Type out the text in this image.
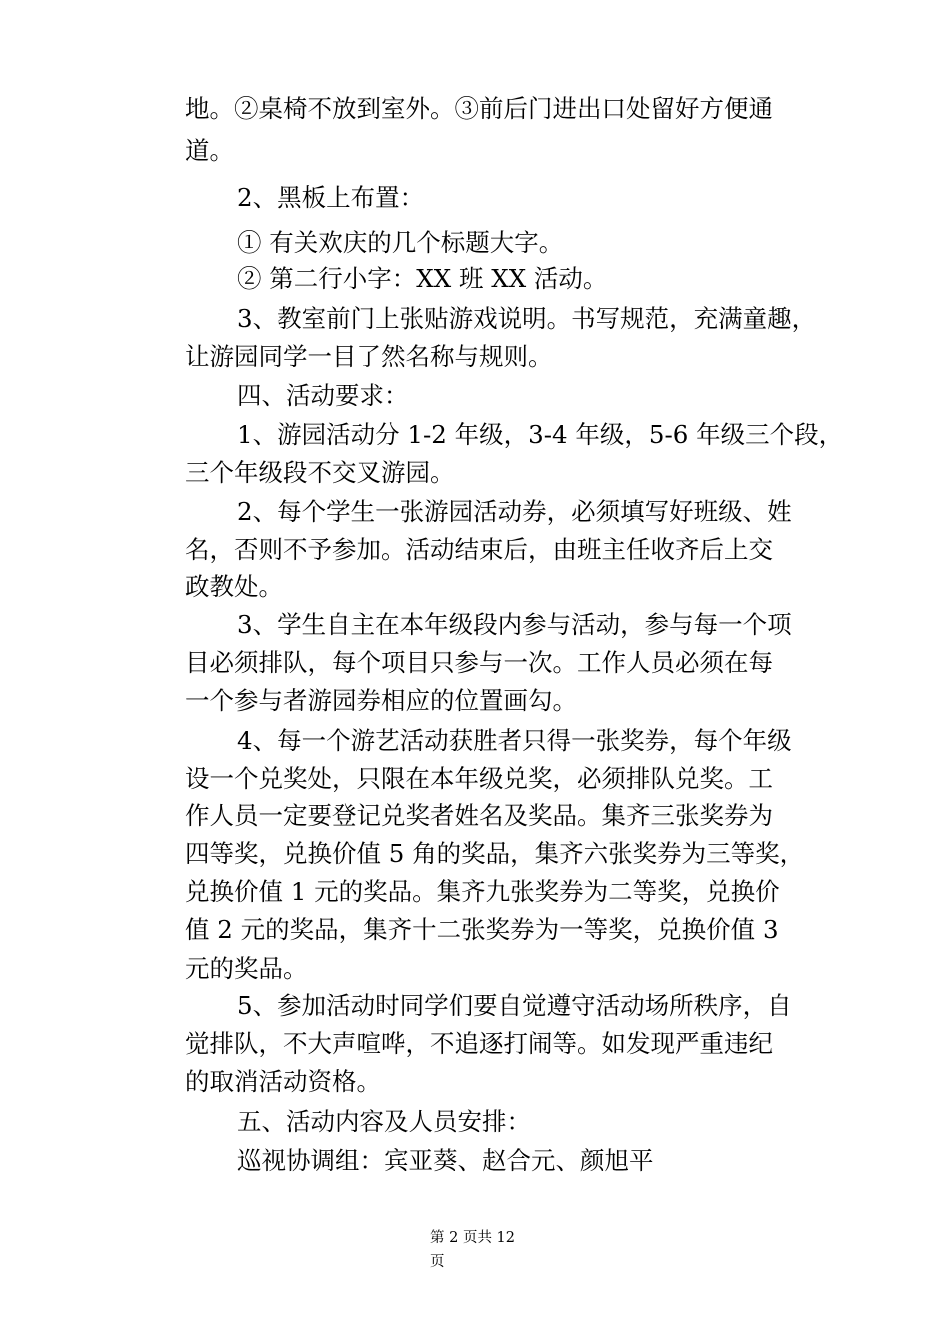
地。②桌椅不放到室外。③前后门进出口处留好方便通
道。
2、黑板上布置：
① 有关欢庆的几个标题大字。
② 第二行小字：XX 班 XX 活动。
3、教室前门上张贴游戏说明。书写规范，充满童趣，
让游园同学一目了然名称与规则。
四、活动要求：
1、游园活动分 1-2 年级，3-4 年级，5-6 年级三个段，
三个年级段不交叉游园。
2、每个学生一张游园活动券，必须填写好班级、姓
名，否则不予参加。活动结束后，由班主任收齐后上交
政教处。
3、学生自主在本年级段内参与活动，参与每一个项
目必须排队，每个项目只参与一次。工作人员必须在每
一个参与者游园券相应的位置画勾。
4、每一个游艺活动获胜者只得一张奖券，每个年级
设一个兑奖处，只限在本年级兑奖，必须排队兑奖。工
作人员一定要登记兑奖者姓名及奖品。集齐三张奖券为
四等奖，兑换价值 5 角的奖品，集齐六张奖券为三等奖，
兑换价值 1 元的奖品。集齐九张奖券为二等奖，兑换价
值 2 元的奖品，集齐十二张奖券为一等奖，兑换价值 3
元的奖品。
5、参加活动时同学们要自觉遵守活动场所秩序，自
觉排队，不大声喧哗，不追逐打闹等。如发现严重违纪
的取消活动资格。
五、活动内容及人员安排：
巡视协调组：宾亚葵、赵合元、颜旭平
第 2 页共 12
页
